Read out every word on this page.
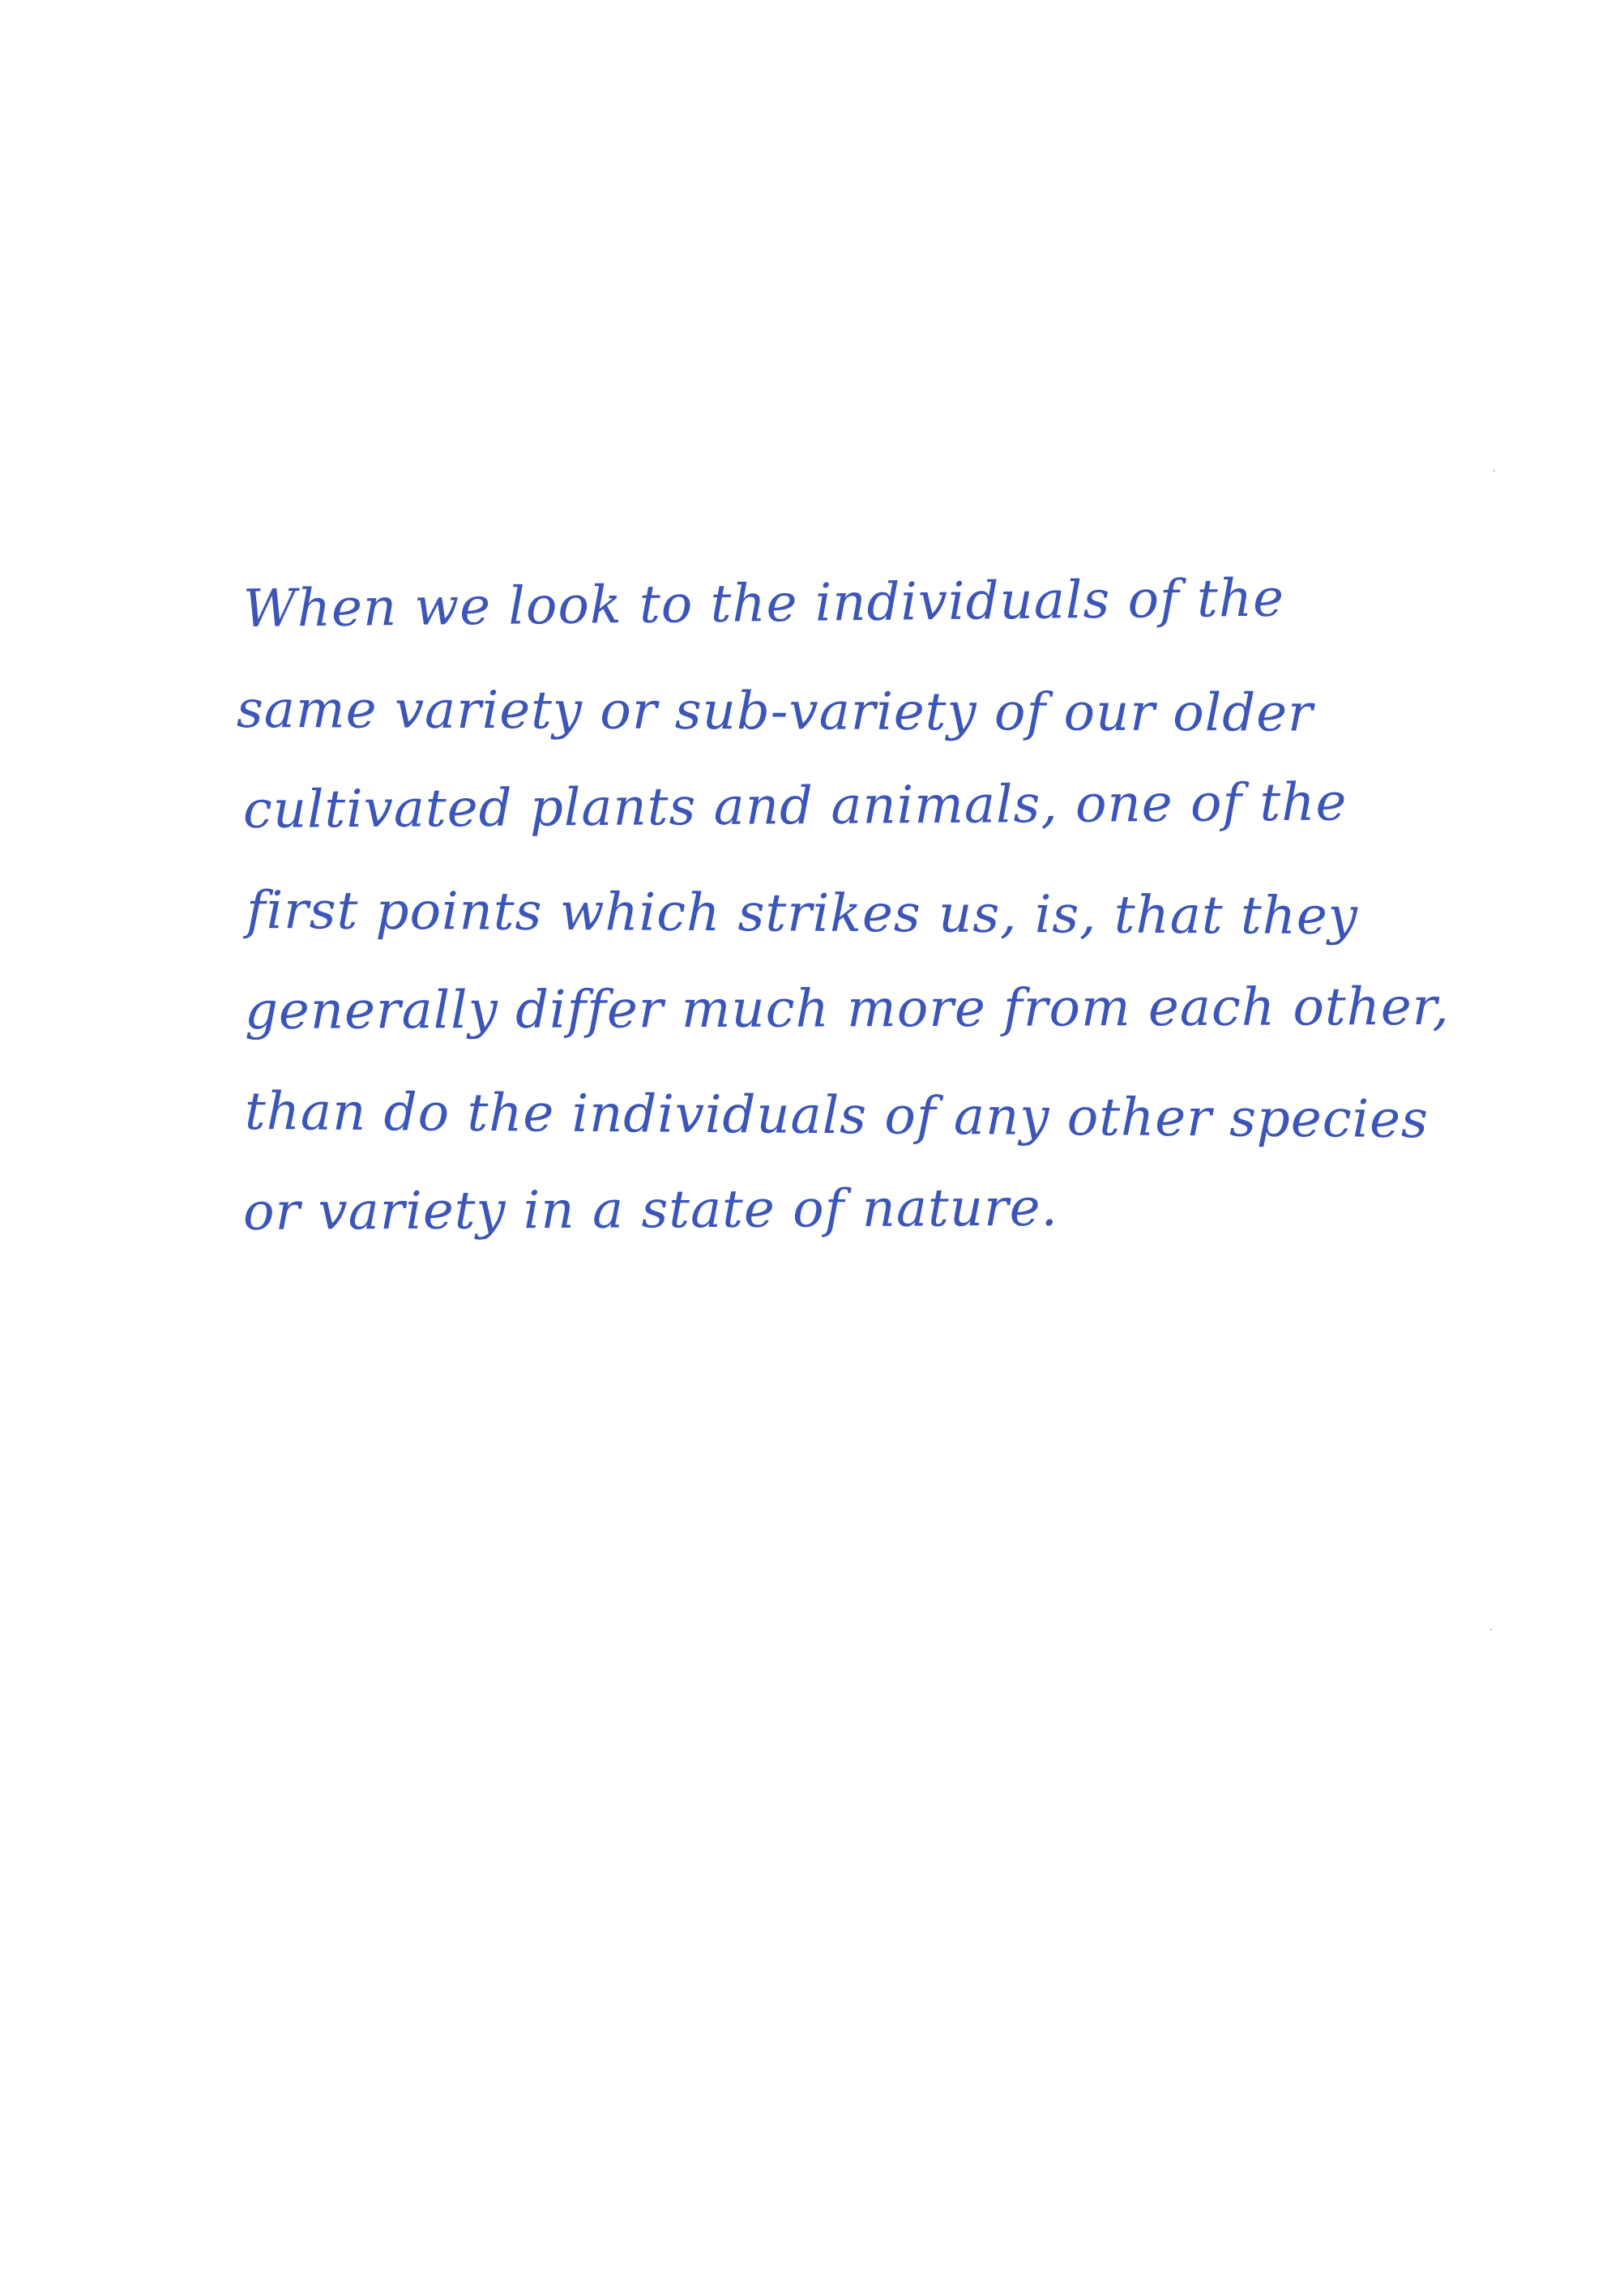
When we look to the individuals of the
same variety or sub-variety of our older
cultivated plants and animals, one of the
first points which strikes us, is, that they
generally differ much more from each other,
than do the individuals of any other species
or variety in a state of nature.
